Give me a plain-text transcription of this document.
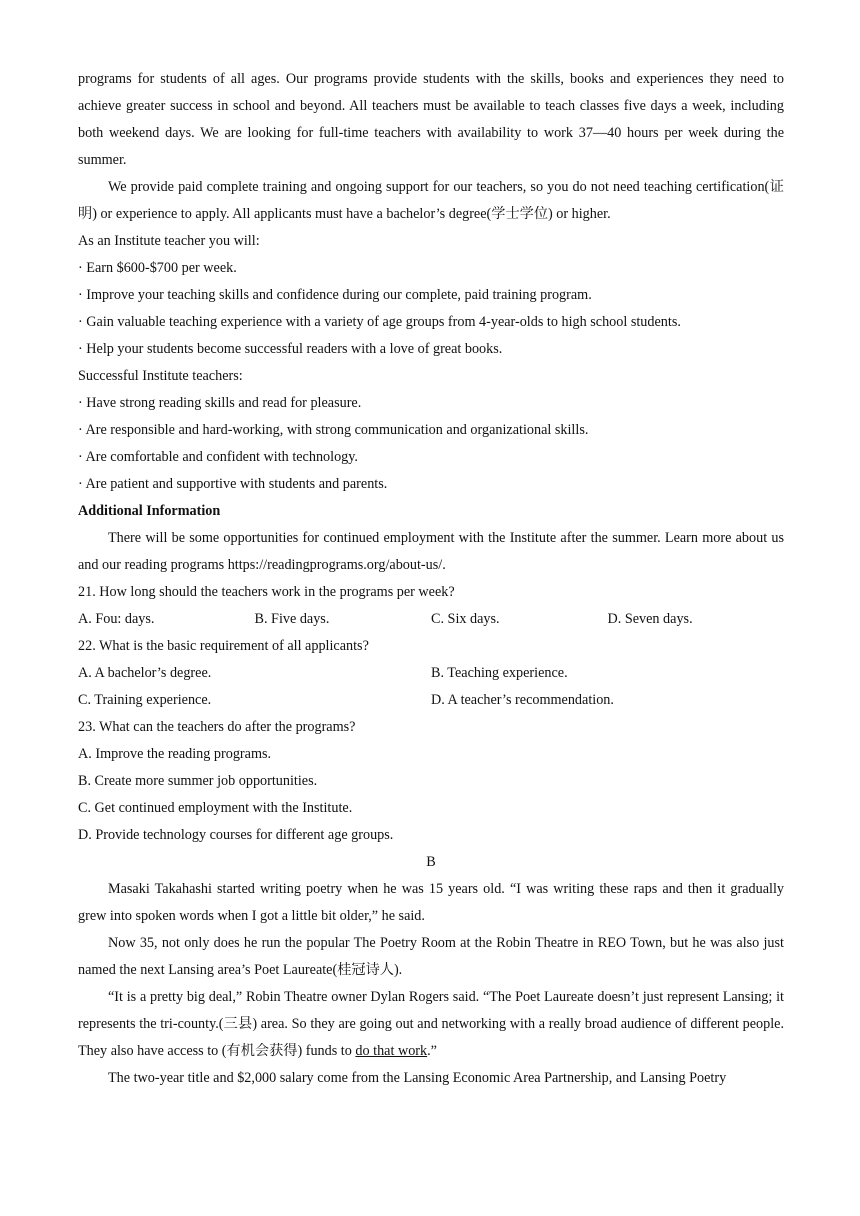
programs for students of all ages. Our programs provide students with the skills, books and experiences they need to achieve greater success in school and beyond. All teachers must be available to teach classes five days a week, including both weekend days. We are looking for full-time teachers with availability to work 37—40 hours per week during the summer.

We provide paid complete training and ongoing support for our teachers, so you do not need teaching certification(证明) or experience to apply. All applicants must have a bachelor’s degree(学士学位) or higher.

As an Institute teacher you will:

· Earn $600-$700 per week.

· Improve your teaching skills and confidence during our complete, paid training program.

· Gain valuable teaching experience with a variety of age groups from 4-year-olds to high school students.

· Help your students become successful readers with a love of great books.

Successful Institute teachers:

· Have strong reading skills and read for pleasure.

· Are responsible and hard-working, with strong communication and organizational skills.

· Are comfortable and confident with technology.

· Are patient and supportive with students and parents.

Additional Information

There will be some opportunities for continued employment with the Institute after the summer. Learn more about us and our reading programs https://readingprograms.org/about-us/.

21. How long should the teachers work in the programs per week?

A. Fou: days.	B. Five days.	C. Six days.	D. Seven days.

22. What is the basic requirement of all applicants?

A. A bachelor’s degree.	B. Teaching experience.
C. Training experience.	D. A teacher’s recommendation.

23. What can the teachers do after the programs?

A. Improve the reading programs.

B. Create more summer job opportunities.

C. Get continued employment with the Institute.

D. Provide technology courses for different age groups.

B

Masaki Takahashi started writing poetry when he was 15 years old. “I was writing these raps and then it gradually grew into spoken words when I got a little bit older,” he said.

Now 35, not only does he run the popular The Poetry Room at the Robin Theatre in REO Town, but he was also just named the next Lansing area’s Poet Laureate(桂冠诗人).

“It is a pretty big deal,” Robin Theatre owner Dylan Rogers said. “The Poet Laureate doesn’t just represent Lansing; it represents the tri-county.(三县) area. So they are going out and networking with a really broad audience of different people. They also have access to (有机会获得) funds to do that work.”

The two-year title and $2,000 salary come from the Lansing Economic Area Partnership, and Lansing Poetry
